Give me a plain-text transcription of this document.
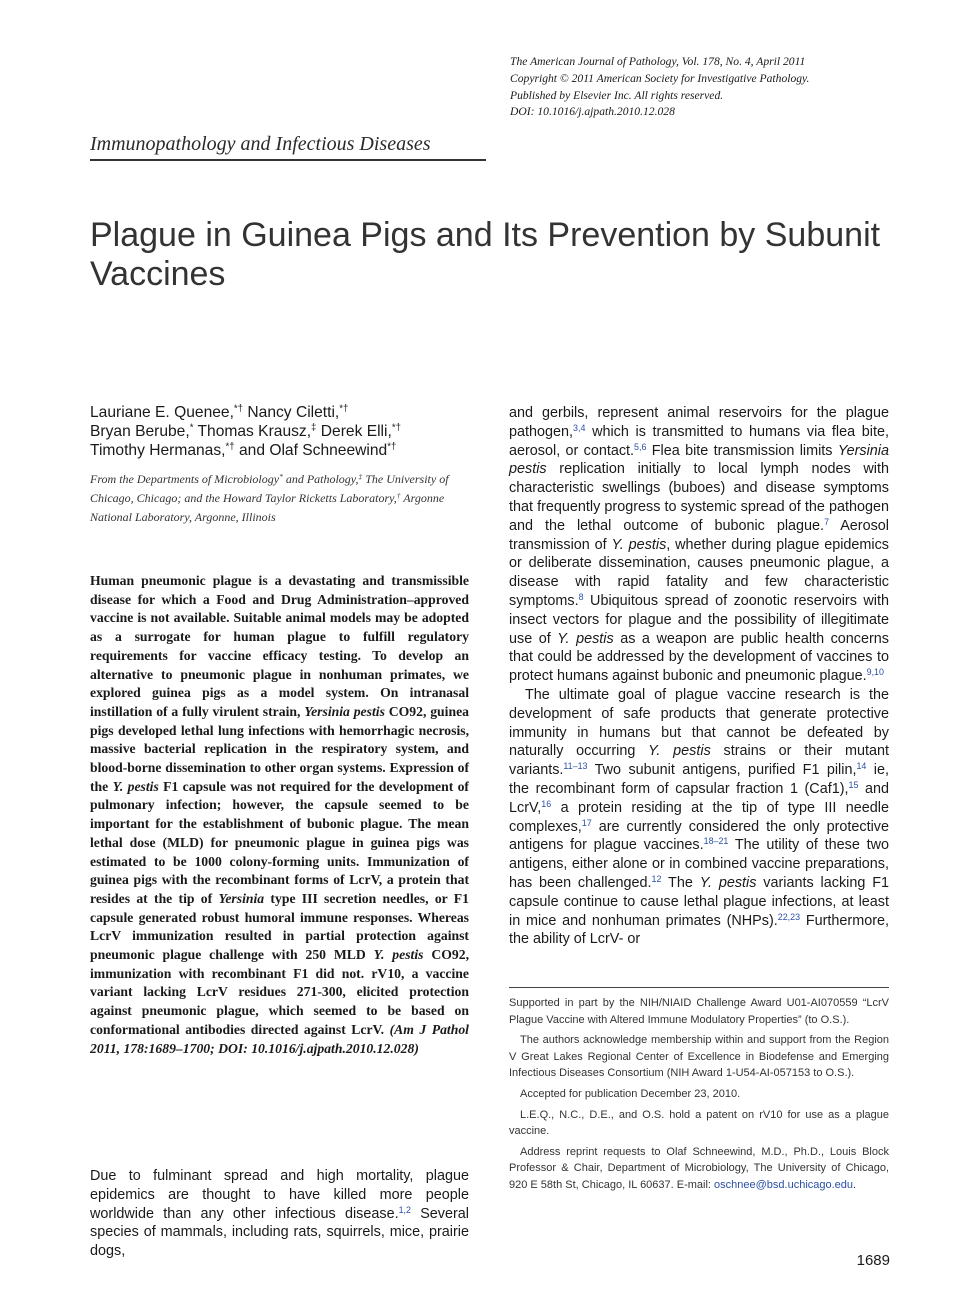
The American Journal of Pathology, Vol. 178, No. 4, April 2011
Copyright © 2011 American Society for Investigative Pathology.
Published by Elsevier Inc. All rights reserved.
DOI: 10.1016/j.ajpath.2010.12.028
Immunopathology and Infectious Diseases
Plague in Guinea Pigs and Its Prevention by Subunit Vaccines
Lauriane E. Quenee,*† Nancy Ciletti,*†
Bryan Berube,* Thomas Krausz,‡ Derek Elli,*†
Timothy Hermanas,*† and Olaf Schneewind*†
From the Departments of Microbiology* and Pathology,‡ The University of Chicago, Chicago; and the Howard Taylor Ricketts Laboratory,† Argonne National Laboratory, Argonne, Illinois
Human pneumonic plague is a devastating and transmissible disease for which a Food and Drug Administration–approved vaccine is not available. Suitable animal models may be adopted as a surrogate for human plague to fulfill regulatory requirements for vaccine efficacy testing. To develop an alternative to pneumonic plague in nonhuman primates, we explored guinea pigs as a model system. On intranasal instillation of a fully virulent strain, Yersinia pestis CO92, guinea pigs developed lethal lung infections with hemorrhagic necrosis, massive bacterial replication in the respiratory system, and blood-borne dissemination to other organ systems. Expression of the Y. pestis F1 capsule was not required for the development of pulmonary infection; however, the capsule seemed to be important for the establishment of bubonic plague. The mean lethal dose (MLD) for pneumonic plague in guinea pigs was estimated to be 1000 colony-forming units. Immunization of guinea pigs with the recombinant forms of LcrV, a protein that resides at the tip of Yersinia type III secretion needles, or F1 capsule generated robust humoral immune responses. Whereas LcrV immunization resulted in partial protection against pneumonic plague challenge with 250 MLD Y. pestis CO92, immunization with recombinant F1 did not. rV10, a vaccine variant lacking LcrV residues 271-300, elicited protection against pneumonic plague, which seemed to be based on conformational antibodies directed against LcrV. (Am J Pathol 2011, 178:1689–1700; DOI: 10.1016/j.ajpath.2010.12.028)
Due to fulminant spread and high mortality, plague epidemics are thought to have killed more people worldwide than any other infectious disease.$^{1,2}$ Several species of mammals, including rats, squirrels, mice, prairie dogs,

and gerbils, represent animal reservoirs for the plague pathogen,$^{3,4}$ which is transmitted to humans via flea bite, aerosol, or contact.$^{5,6}$ Flea bite transmission limits Yersinia pestis replication initially to local lymph nodes with characteristic swellings (buboes) and disease symptoms that frequently progress to systemic spread of the pathogen and the lethal outcome of bubonic plague.$^7$ Aerosol transmission of Y. pestis, whether during plague epidemics or deliberate dissemination, causes pneumonic plague, a disease with rapid fatality and few characteristic symptoms.$^8$ Ubiquitous spread of zoonotic reservoirs with insect vectors for plague and the possibility of illegitimate use of Y. pestis as a weapon are public health concerns that could be addressed by the development of vaccines to protect humans against bubonic and pneumonic plague.$^{9,10}$

The ultimate goal of plague vaccine research is the development of safe products that generate protective immunity in humans but that cannot be defeated by naturally occurring Y. pestis strains or their mutant variants.$^{11-13}$ Two subunit antigens, purified F1 pilin,$^{14}$ ie, the recombinant form of capsular fraction 1 (Caf1),$^{15}$ and LcrV,$^{16}$ a protein residing at the tip of type III needle complexes,$^{17}$ are currently considered the only protective antigens for plague vaccines.$^{18-21}$ The utility of these two antigens, either alone or in combined vaccine preparations, has been challenged.$^{12}$ The Y. pestis variants lacking F1 capsule continue to cause lethal plague infections, at least in mice and nonhuman primates (NHPs).$^{22,23}$ Furthermore, the ability of LcrV- or

Supported in part by the NIH/NIAID Challenge Award U01-AI070559 “LcrV Plague Vaccine with Altered Immune Modulatory Properties” (to O.S.).

The authors acknowledge membership within and support from the Region V Great Lakes Regional Center of Excellence in Biodefense and Emerging Infectious Diseases Consortium (NIH Award 1-U54-AI-057153 to O.S.).

Accepted for publication December 23, 2010.

L.E.Q., N.C., D.E., and O.S. hold a patent on rV10 for use as a plague vaccine.

Address reprint requests to Olaf Schneewind, M.D., Ph.D., Louis Block Professor & Chair, Department of Microbiology, The University of Chicago, 920 E 58th St, Chicago, IL 60637. E-mail: oschnee@bsd.uchicago.edu.

1689
